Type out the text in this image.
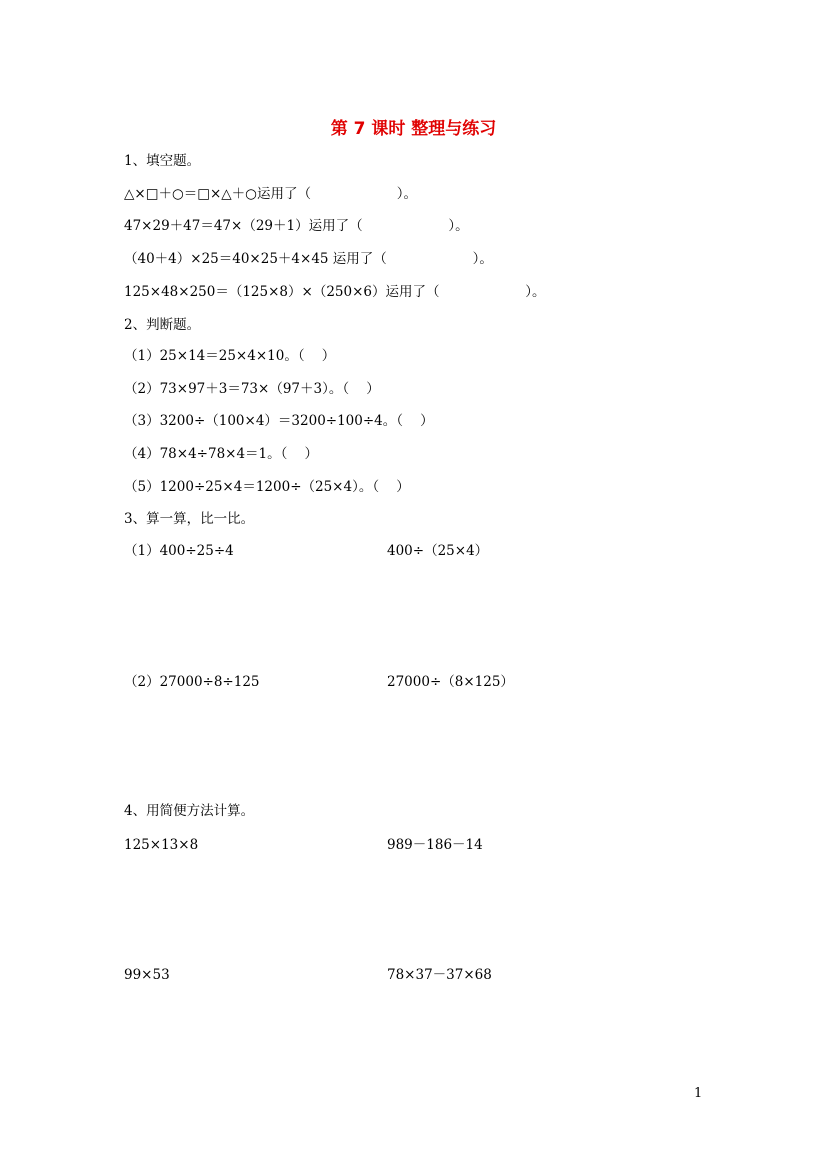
第 7 课时 整理与练习
1、填空题。
△×□＋○＝□×△＋○运用了（                    ）。
47×29＋47＝47×（29＋1）运用了（                    ）。
（40＋4）×25＝40×25＋4×45 运用了（                    ）。
125×48×250＝（125×8）×（250×6）运用了（                    ）。
2、判断题。
（1）25×14＝25×4×10。（    ）
（2）73×97＋3＝73×（97＋3）。（    ）
（3）3200÷（100×4）＝3200÷100÷4。（    ）
（4）78×4÷78×4＝1。（    ）
（5）1200÷25×4＝1200÷（25×4）。（    ）
3、算一算，比一比。
（1）400÷25÷4	400÷（25×4）
（2）27000÷8÷125	27000÷（8×125）
4、用简便方法计算。
125×13×8	989－186－14
99×53	78×37－37×68
1
